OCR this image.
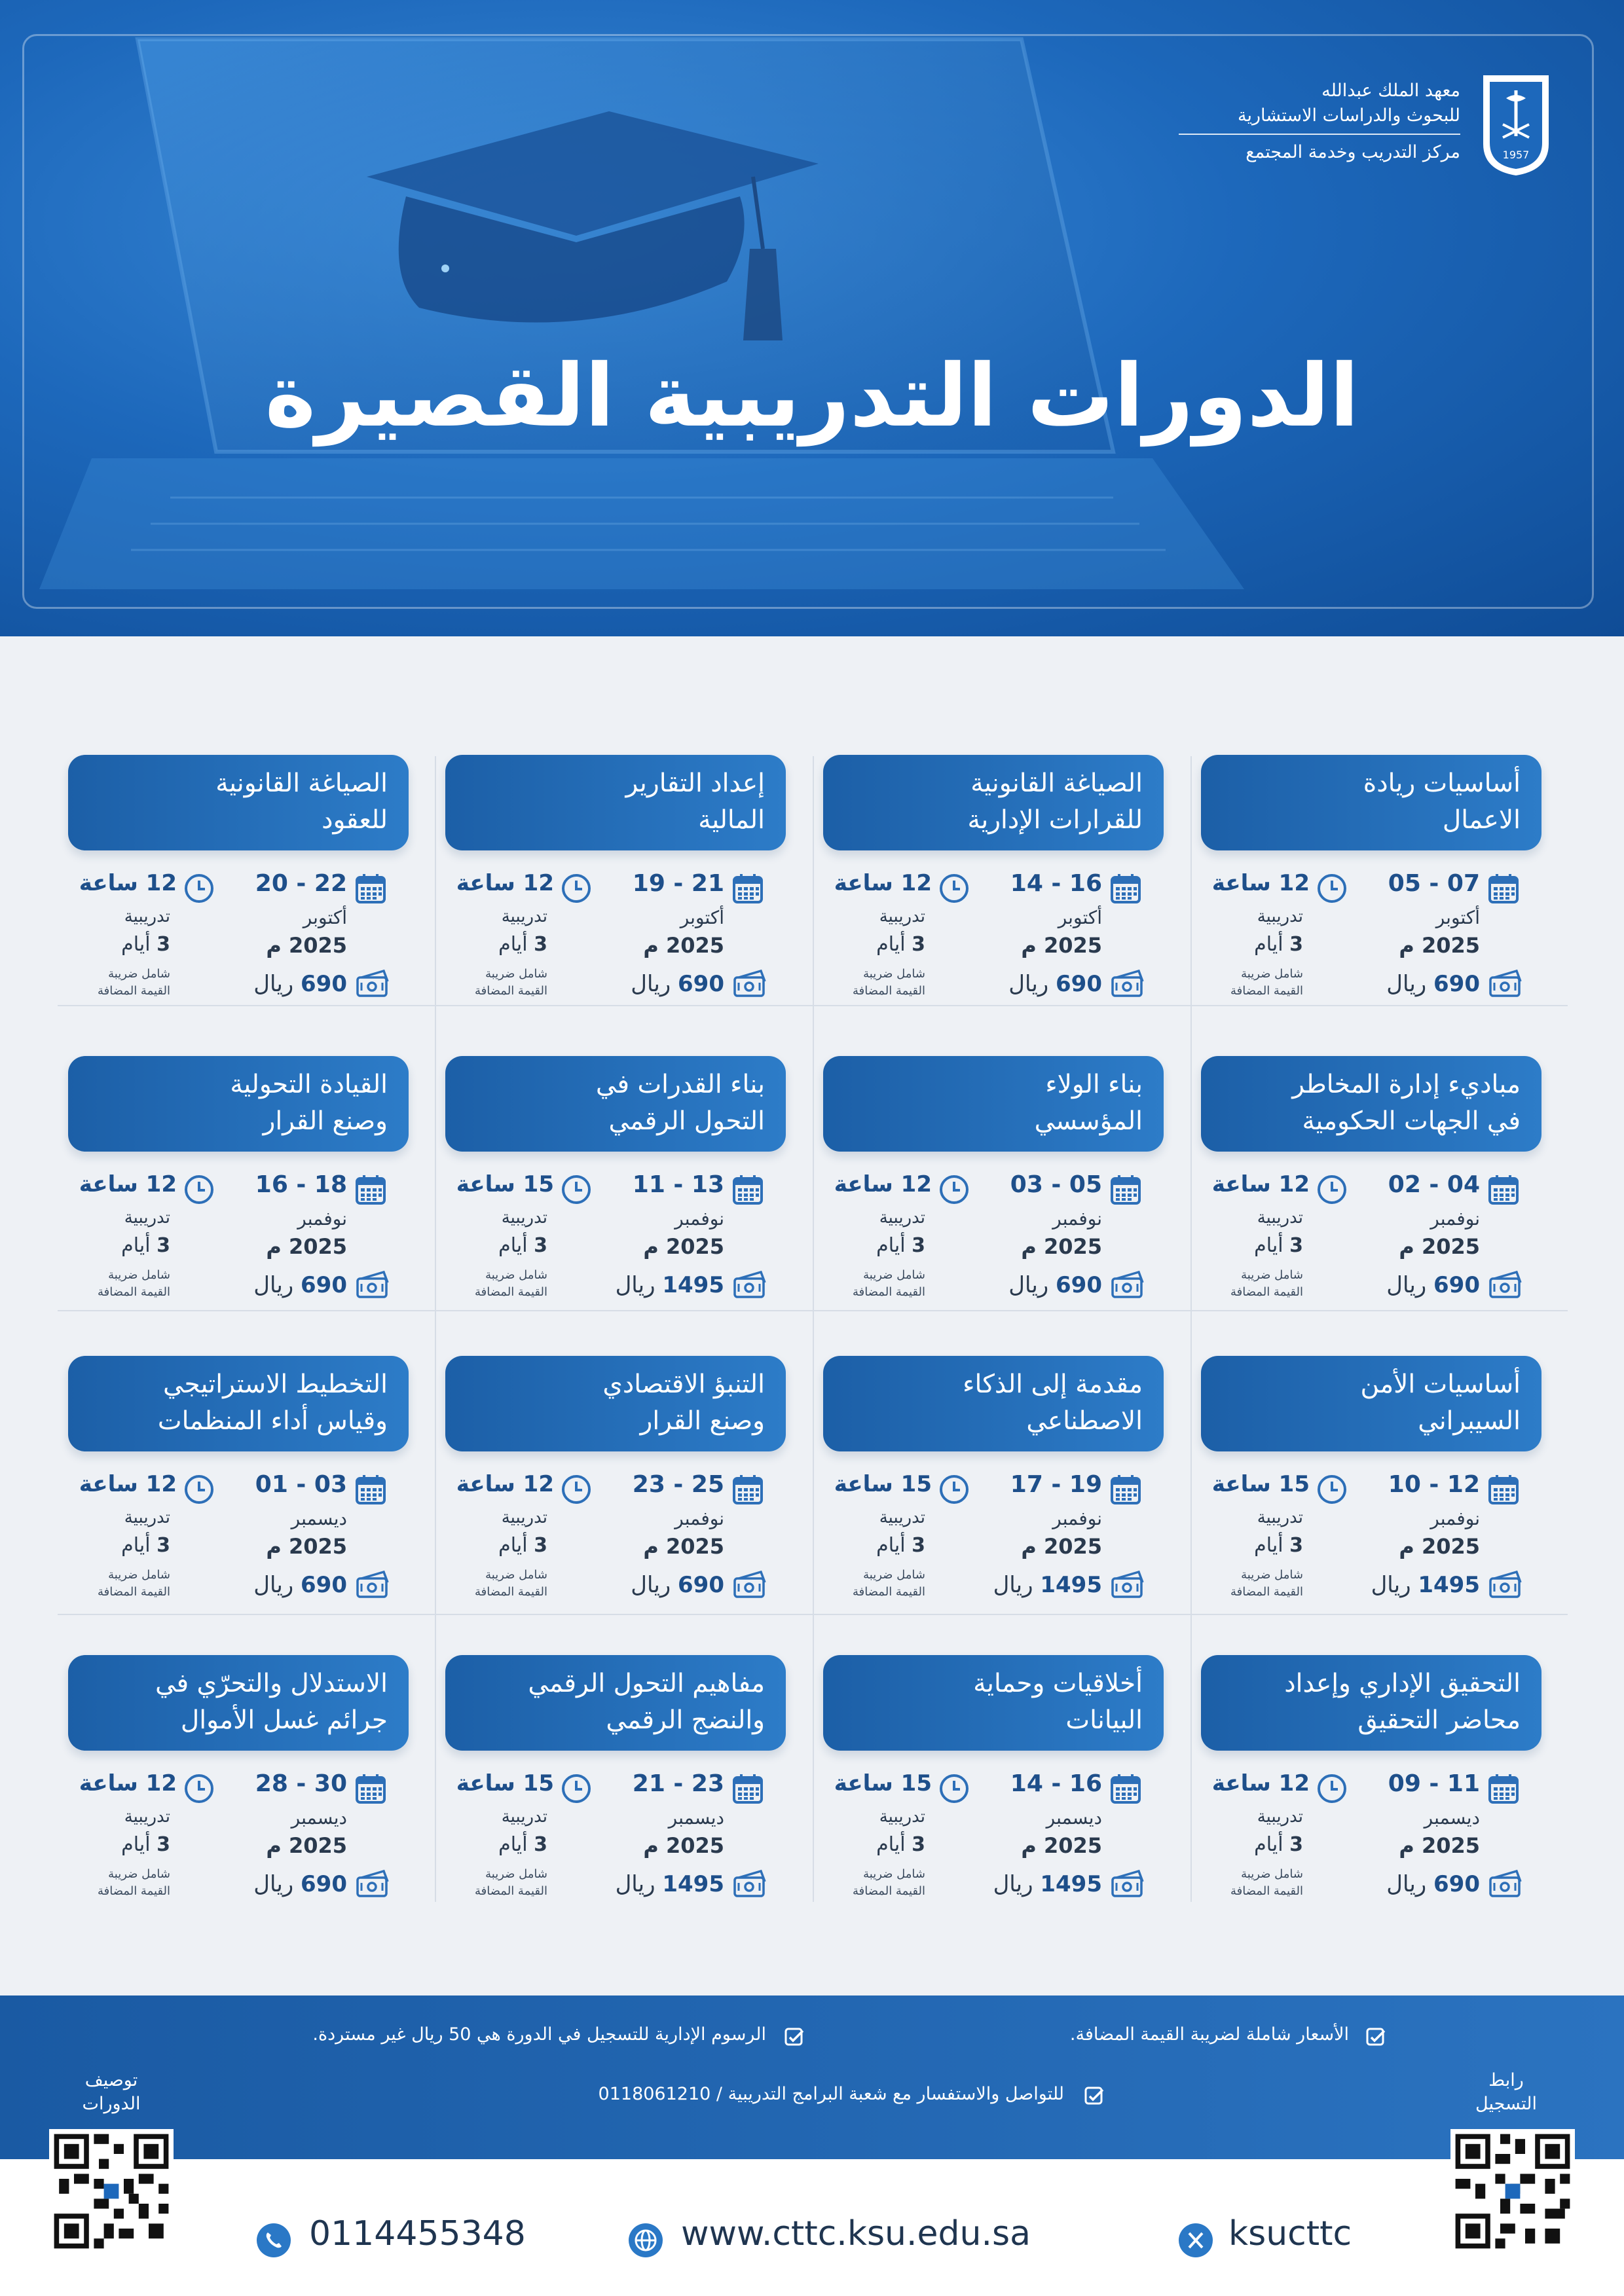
1957
معهد الملك عبدالله
للبحوث والدراسات الاستشارية
مركز التدريب وخدمة المجتمع
الدورات التدريبية القصيرة
أساسيات ريادة
الاعمال
05 - 07
أكتوبر
2025 م
12 ساعة
تدريبية
3 أيام
شامل ضريبة
القيمة المضافة	690 ريال
الصياغة القانونية
للقرارات الإدارية
14 - 16
أكتوبر
2025 م
12 ساعة
تدريبية
3 أيام
شامل ضريبة
القيمة المضافة	690 ريال
إعداد التقارير
المالية
19 - 21
أكتوبر
2025 م
12 ساعة
تدريبية
3 أيام
شامل ضريبة
القيمة المضافة	690 ريال
الصياغة القانونية
للعقود
20 - 22
أكتوبر
2025 م
12 ساعة
تدريبية
3 أيام
شامل ضريبة
القيمة المضافة	690 ريال
مباديء إدارة المخاطر
في الجهات الحكومية
02 - 04
نوفمبر
2025 م
12 ساعة
تدريبية
3 أيام
شامل ضريبة
القيمة المضافة	690 ريال
بناء الولاء
المؤسسي
03 - 05
نوفمبر
2025 م
12 ساعة
تدريبية
3 أيام
شامل ضريبة
القيمة المضافة	690 ريال
بناء القدرات في
التحول الرقمي
11 - 13
نوفمبر
2025 م
15 ساعة
تدريبية
3 أيام
شامل ضريبة
القيمة المضافة	1495 ريال
القيادة التحولية
وصنع القرار
16 - 18
نوفمبر
2025 م
12 ساعة
تدريبية
3 أيام
شامل ضريبة
القيمة المضافة	690 ريال
أساسيات الأمن
السيبراني
10 - 12
نوفمبر
2025 م
15 ساعة
تدريبية
3 أيام
شامل ضريبة
القيمة المضافة	1495 ريال
مقدمة إلى الذكاء
الاصطناعي
17 - 19
نوفمبر
2025 م
15 ساعة
تدريبية
3 أيام
شامل ضريبة
القيمة المضافة	1495 ريال
التنبؤ الاقتصادي
وصنع القرار
23 - 25
نوفمبر
2025 م
12 ساعة
تدريبية
3 أيام
شامل ضريبة
القيمة المضافة	690 ريال
التخطيط الاستراتيجي
وقياس أداء المنظمات
01 - 03
ديسمبر
2025 م
12 ساعة
تدريبية
3 أيام
شامل ضريبة
القيمة المضافة	690 ريال
التحقيق الإداري وإعداد
محاضر التحقيق
09 - 11
ديسمبر
2025 م
12 ساعة
تدريبية
3 أيام
شامل ضريبة
القيمة المضافة	690 ريال
أخلاقيات وحماية
البيانات
14 - 16
ديسمبر
2025 م
15 ساعة
تدريبية
3 أيام
شامل ضريبة
القيمة المضافة	1495 ريال
مفاهيم التحول الرقمي
والنضج الرقمي
21 - 23
ديسمبر
2025 م
15 ساعة
تدريبية
3 أيام
شامل ضريبة
القيمة المضافة	1495 ريال
الاستدلال والتحرّي في
جرائم غسل الأموال
28 - 30
ديسمبر
2025 م
12 ساعة
تدريبية
3 أيام
شامل ضريبة
القيمة المضافة	690 ريال
الأسعار شاملة لضريبة القيمة المضافة.
الرسوم الإدارية للتسجيل في الدورة هي 50 ريال غير مستردة.
للتواصل والاستفسار مع شعبة البرامج التدريبية / 0118061210
رابط
التسجيل
توصيف
الدورات
ksucttc
www.cttc.ksu.edu.sa
0114455348
